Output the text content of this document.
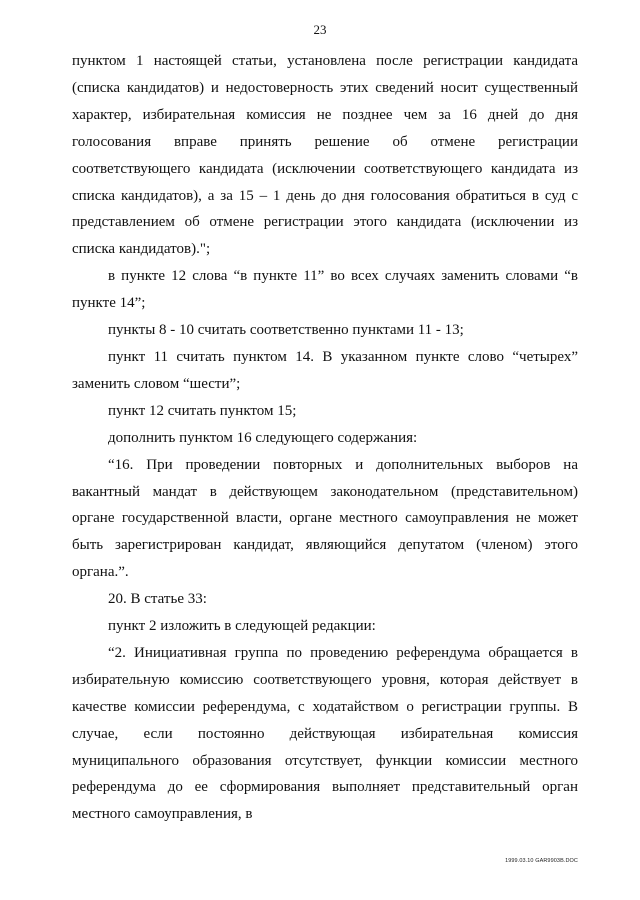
23

пунктом 1 настоящей статьи, установлена после регистрации кандидата (списка кандидатов) и недостоверность этих сведений носит существенный характер, избирательная комиссия не позднее чем за 16 дней до дня голосования вправе принять решение об отмене регистрации соответствующего кандидата (исключении соответствующего кандидата из списка кандидатов), а за 15 – 1 день до дня голосования обратиться в суд с представлением об отмене регистрации этого кандидата (исключении из списка кандидатов).";

в пункте 12 слова “в пункте 11” во всех случаях заменить словами “в пункте 14”;

пункты 8 - 10 считать соответственно пунктами 11 - 13;

пункт 11 считать пунктом 14. В указанном пункте слово “четырех” заменить словом “шести”;

пункт 12 считать пунктом 15;

дополнить пунктом 16 следующего содержания:

“16. При проведении повторных и дополнительных выборов на вакантный мандат в действующем законодательном (представительном) органе государственной власти, органе местного самоуправления не может быть зарегистрирован кандидат, являющийся депутатом (членом) этого органа.”.

20. В статье 33:

пункт 2 изложить в следующей редакции:

“2. Инициативная группа по проведению референдума обращается в избирательную комиссию соответствующего уровня, которая действует в качестве комиссии референдума, с ходатайством о регистрации группы. В случае, если постоянно действующая избирательная комиссия муниципального образования отсутствует, функции комиссии местного референдума до ее сформирования выполняет представительный орган местного самоуправления, в

1999.03.10 GAR9903B.DOC
